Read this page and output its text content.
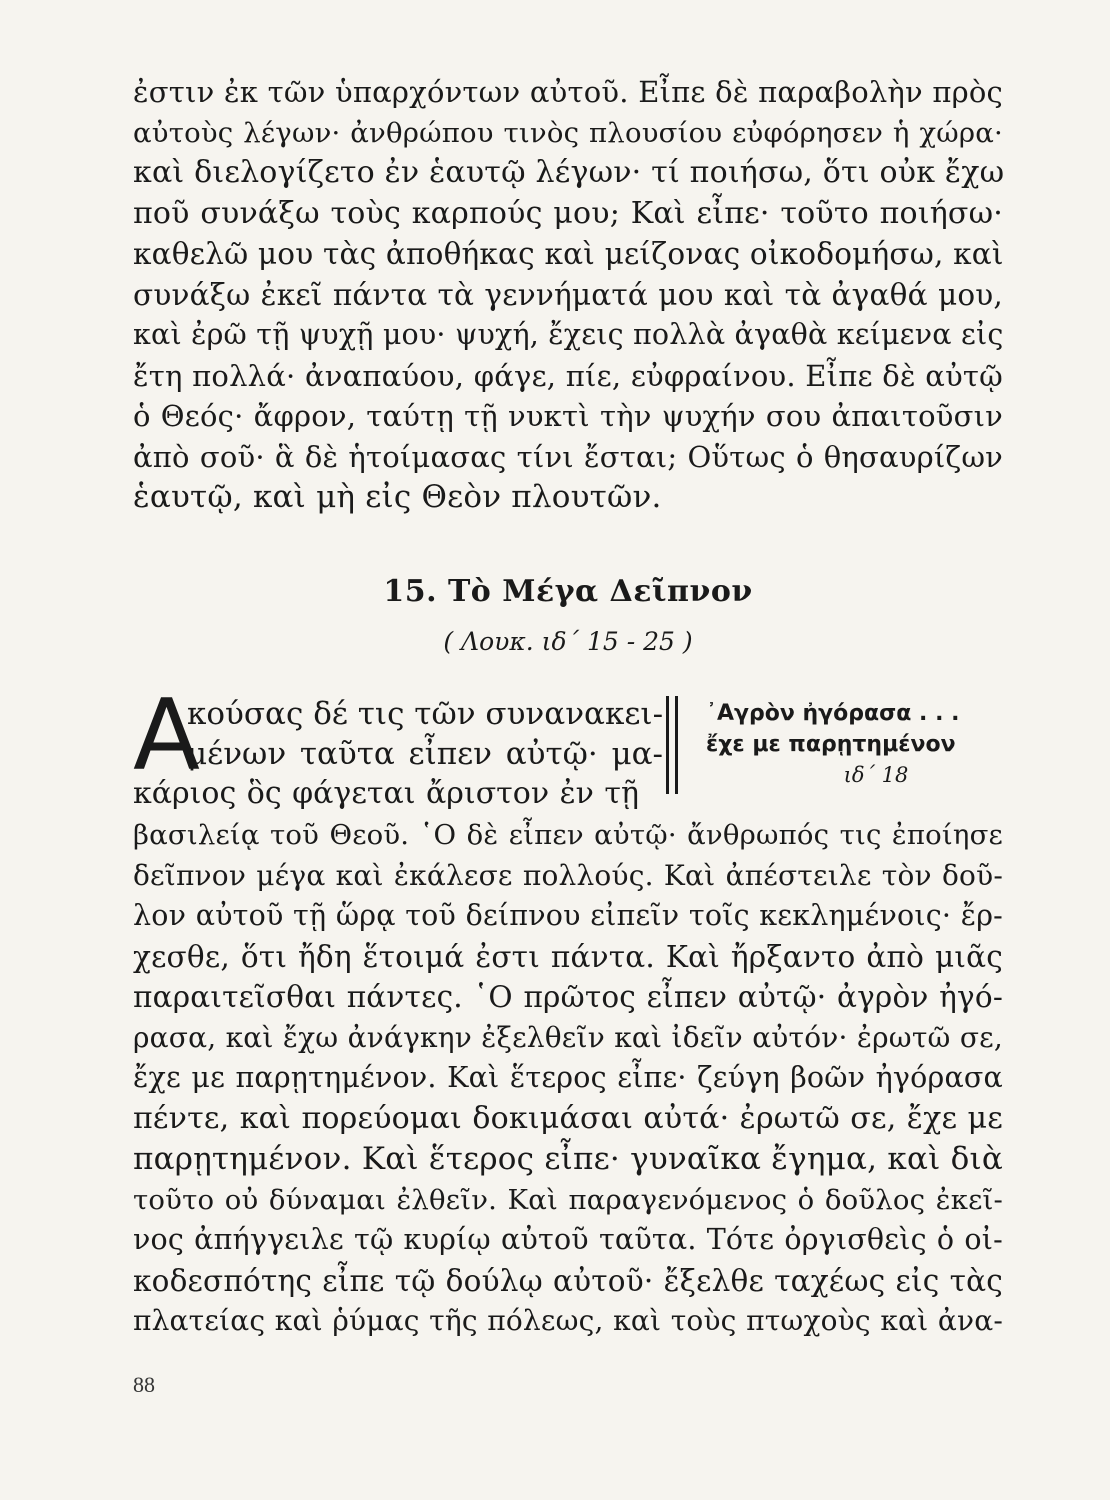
ἐστιν ἐκ τῶν ὑπαρχόντων αὐτοῦ. Εἶπε δὲ παραβολὴν πρὸς
αὐτοὺς λέγων· ἀνθρώπου τινὸς πλουσίου εὐφόρησεν ἡ χώρα·
καὶ διελογίζετο ἐν ἑαυτῷ λέγων· τί ποιήσω, ὅτι οὐκ ἔχω
ποῦ συνάξω τοὺς καρπούς μου; Καὶ εἶπε· τοῦτο ποιήσω·
καθελῶ μου τὰς ἀποθήκας καὶ μείζονας οἰκοδομήσω, καὶ
συνάξω ἐκεῖ πάντα τὰ γεννήματά μου καὶ τὰ ἀγαθά μου,
καὶ ἐρῶ τῇ ψυχῇ μου· ψυχή, ἔχεις πολλὰ ἀγαθὰ κείμενα εἰς
ἔτη πολλά· ἀναπαύου, φάγε, πίε, εὐφραίνου. Εἶπε δὲ αὐτῷ
ὁ Θεός· ἄφρον, ταύτῃ τῇ νυκτὶ τὴν ψυχήν σου ἀπαιτοῦσιν
ἀπὸ σοῦ· ἃ δὲ ἡτοίμασας τίνι ἔσται; Οὕτως ὁ θησαυρίζων
ἑαυτῷ, καὶ μὴ εἰς Θεὸν πλουτῶν.
15. Τὸ Μέγα Δεῖπνον
( Λουκ. ιδ΄ 15 - 25 )
Α
κούσας δέ τις τῶν συνανακει-
μένων ταῦτα εἶπεν αὐτῷ· μα-
κάριος ὃς φάγεται ἄριστον ἐν τῇ
᾿Αγρὸν ἠγόρασα . . .
ἔχε με παρῃτημένον
ιδ΄ 18
βασιλείᾳ τοῦ Θεοῦ. ῾Ο δὲ εἶπεν αὐτῷ· ἄνθρωπός τις ἐποίησε
δεῖπνον μέγα καὶ ἐκάλεσε πολλούς. Καὶ ἀπέστειλε τὸν δοῦ-
λον αὐτοῦ τῇ ὥρᾳ τοῦ δείπνου εἰπεῖν τοῖς κεκλημένοις· ἔρ-
χεσθε, ὅτι ἤδη ἕτοιμά ἐστι πάντα. Καὶ ἤρξαντο ἀπὸ μιᾶς
παραιτεῖσθαι πάντες. ῾Ο πρῶτος εἶπεν αὐτῷ· ἀγρὸν ἠγό-
ρασα, καὶ ἔχω ἀνάγκην ἐξελθεῖν καὶ ἰδεῖν αὐτόν· ἐρωτῶ σε,
ἔχε με παρῃτημένον. Καὶ ἕτερος εἶπε· ζεύγη βοῶν ἠγόρασα
πέντε, καὶ πορεύομαι δοκιμάσαι αὐτά· ἐρωτῶ σε, ἔχε με
παρῃτημένον. Καὶ ἕτερος εἶπε· γυναῖκα ἔγημα, καὶ διὰ
τοῦτο οὐ δύναμαι ἐλθεῖν. Καὶ παραγενόμενος ὁ δοῦλος ἐκεῖ-
νος ἀπήγγειλε τῷ κυρίῳ αὐτοῦ ταῦτα. Τότε ὀργισθεὶς ὁ οἰ-
κοδεσπότης εἶπε τῷ δούλῳ αὐτοῦ· ἔξελθε ταχέως εἰς τὰς
πλατείας καὶ ῥύμας τῆς πόλεως, καὶ τοὺς πτωχοὺς καὶ ἀνα-
88
